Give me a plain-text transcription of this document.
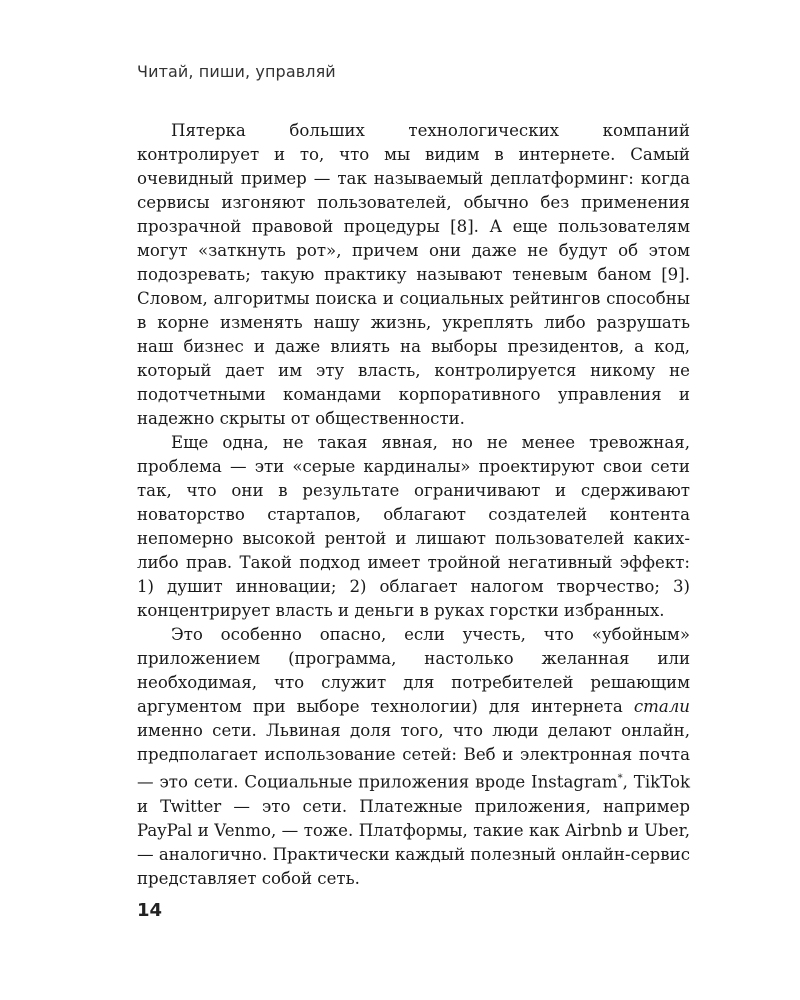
Читай, пиши, управляй

Пятерка больших технологических компаний контролирует и то, что мы видим в интернете. Самый очевидный пример — так называемый деплатформинг: когда сервисы изгоняют пользователей, обычно без применения прозрачной правовой процедуры [8]. А еще пользователям могут «заткнуть рот», причем они даже не будут об этом подозревать; такую практику называют теневым баном [9]. Словом, алгоритмы поиска и социальных рейтингов способны в корне изменять нашу жизнь, укреплять либо разрушать наш бизнес и даже влиять на выборы президентов, а код, который дает им эту власть, контролируется никому не подотчетными командами корпоративного управления и надежно скрыты от общественности.

Еще одна, не такая явная, но не менее тревожная, проблема — эти «серые кардиналы» проектируют свои сети так, что они в результате ограничивают и сдерживают новаторство стартапов, облагают создателей контента непомерно высокой рентой и лишают пользователей каких-либо прав. Такой подход имеет тройной негативный эффект: 1) душит инновации; 2) облагает налогом творчество; 3) концентрирует власть и деньги в руках горстки избранных.

Это особенно опасно, если учесть, что «убойным» приложением (программа, настолько желанная или необходимая, что служит для потребителей решающим аргументом при выборе технологии) для интернета стали именно сети. Львиная доля того, что люди делают онлайн, предполагает использование сетей: Веб и электронная почта — это сети. Социальные приложения вроде Instagram*, TikTok и Twitter — это сети. Платежные приложения, например PayPal и Venmo, — тоже. Платформы, такие как Airbnb и Uber, — аналогично. Практически каждый полезный онлайн-сервис представляет собой сеть.

14
